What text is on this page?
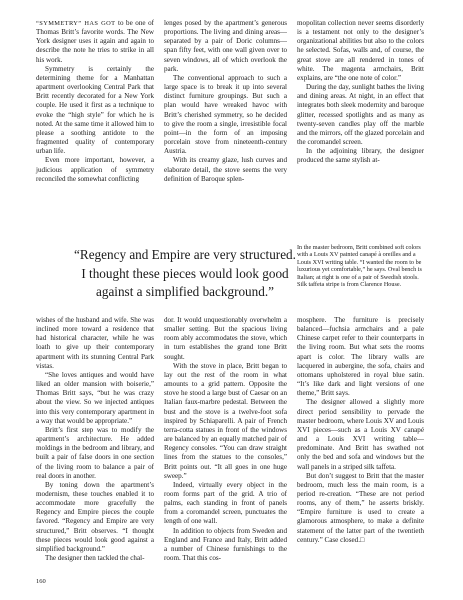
“SYMMETRY” HAS GOT to be one of Thomas Britt’s favorite words. The New York designer uses it again and again to describe the note he tries to strike in all his work.

Symmetry is certainly the determining theme for a Manhattan apartment overlooking Central Park that Britt recently decorated for a New York couple. He used it first as a technique to evoke the “high style” for which he is noted. At the same time it allowed him to please a soothing antidote to the fragmented quality of contemporary urban life.

Even more important, however, a judicious application of symmetry reconciled the somewhat conflicting

lenges posed by the apartment’s generous proportions. The living and dining areas—separated by a pair of Doric columns—span fifty feet, with one wall given over to seven windows, all of which overlook the park.

The conventional approach to such a large space is to break it up into several distinct furniture groupings. But such a plan would have wreaked havoc with Britt’s cherished symmetry, so he decided to give the room a single, irresistible focal point—in the form of an imposing porcelain stove from nineteenth-century Austria.

With its creamy glaze, lush curves and elaborate detail, the stove seems the very definition of Baroque splen-

mopolitan collection never seems disorderly is a testament not only to the designer’s organizational abilities but also to the colors he selected. Sofas, walls and, of course, the great stove are all rendered in tones of white. The magenta armchairs, Britt explains, are “the one note of color.”

During the day, sunlight bathes the living and dining areas. At night, in an effect that integrates both sleek modernity and baroque glitter, recessed spotlights and as many as twenty-seven candles play off the marble and the mirrors, off the glazed porcelain and the coromandel screen.

In the adjoining library, the designer produced the same stylish at-

“Regency and Empire are very structured. I thought these pieces would look good against a simplified background.”
In the master bedroom, Britt combined soft colors with a Louis XV painted canapé à oreilles and a Louis XVI writing table. “I wanted the room to be luxurious yet comfortable,” he says. Oval bench is Italian; at right is one of a pair of Swedish stools. Silk taffeta stripe is from Clarence House.

wishes of the husband and wife. She was inclined more toward a residence that had historical character, while he was loath to give up their contemporary apartment with its stunning Central Park vistas.

“She loves antiques and would have liked an older mansion with boiserie,” Thomas Britt says, “but he was crazy about the view. So we injected antiques into this very contemporary apartment in a way that would be appropriate.”

Britt’s first step was to modify the apartment’s architecture. He added moldings in the bedroom and library, and built a pair of false doors in one section of the living room to balance a pair of real doors in another.

By toning down the apartment’s modernism, these touches enabled it to accommodate more gracefully the Regency and Empire pieces the couple favored. “Regency and Empire are very structured,” Britt observes. “I thought these pieces would look good against a simplified background.”

The designer then tackled the chal-

dor. It would unquestionably overwhelm a smaller setting. But the spacious living room ably accommodates the stove, which in turn establishes the grand tone Britt sought.

With the stove in place, Britt began to lay out the rest of the room in what amounts to a grid pattern. Opposite the stove he stood a large bust of Caesar on an Italian faux-marbre pedestal. Between the bust and the stove is a twelve-foot sofa inspired by Schiaparelli. A pair of French terra-cotta statues in front of the windows are balanced by an equally matched pair of Regency consoles. “You can draw straight lines from the statues to the consoles,” Britt points out. “It all goes in one huge sweep.”

Indeed, virtually every object in the room forms part of the grid. A trio of palms, each standing in front of panels from a coromandel screen, punctuates the length of one wall.

In addition to objects from Sweden and England and France and Italy, Britt added a number of Chinese furnishings to the room. That this cos-

mosphere. The furniture is precisely balanced—fuchsia armchairs and a pale Chinese carpet refer to their counterparts in the living room. But what sets the rooms apart is color. The library walls are lacquered in aubergine, the sofa, chairs and ottomans upholstered in royal blue satin. “It’s like dark and light versions of one theme,” Britt says.

The designer allowed a slightly more direct period sensibility to pervade the master bedroom, where Louis XV and Louis XVI pieces—such as a Louis XV canapé and a Louis XVI writing table—predominate. And Britt has swathed not only the bed and sofa and windows but the wall panels in a striped silk taffeta.

But don’t suggest to Britt that the master bedroom, much less the main room, is a period re-creation. “These are not period rooms, any of them,” he asserts briskly. “Empire furniture is used to create a glamorous atmosphere, to make a definite statement of the latter part of the twentieth century.” Case closed.□

160
